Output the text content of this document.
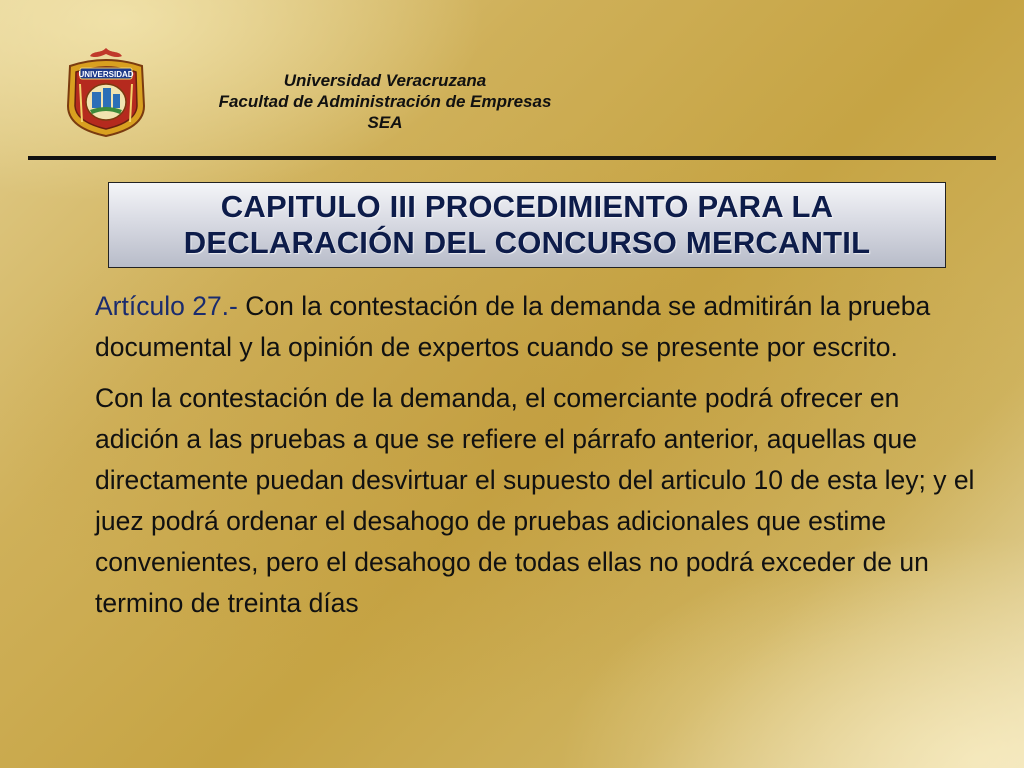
UNIVERSIDAD	Universidad Veracruzana
Facultad de Administración de Empresas
SEA
CAPITULO III PROCEDIMIENTO PARA LA
DECLARACIÓN DEL CONCURSO MERCANTIL

Artículo 27.- Con la contestación de la demanda se admitirán la prueba documental y la opinión de expertos cuando se presente por escrito.

Con la contestación de la demanda, el comerciante podrá ofrecer en adición a las pruebas a que se refiere el párrafo anterior, aquellas que directamente puedan desvirtuar el supuesto del articulo 10 de esta ley; y el juez podrá ordenar el desahogo de pruebas adicionales que estime convenientes, pero el desahogo de todas ellas no podrá exceder de un termino de treinta días
